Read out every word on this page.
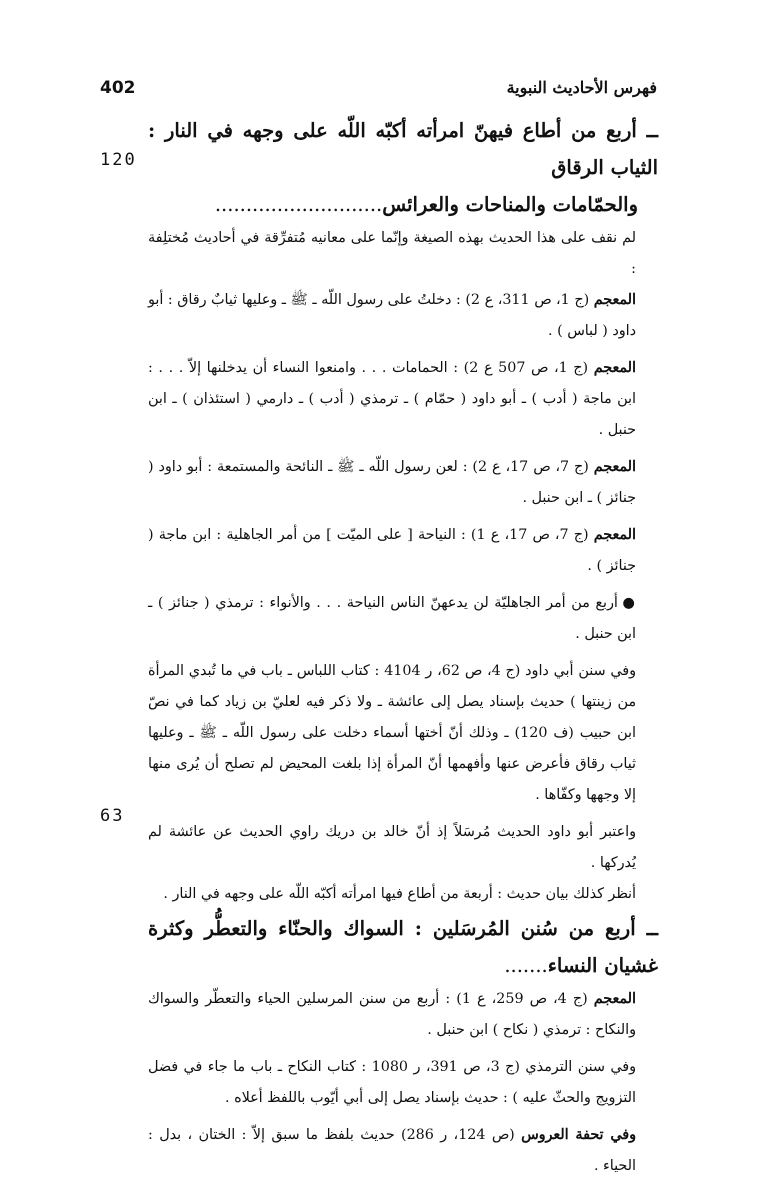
402	فهرس الأحاديث النبوية
120
63

ــ أربع من أطاع فيهنّ امرأته أكبّه اللّه على وجهه في النار : الثياب الرقاق
والحمّامات والمناحات والعرائس...........................

لم نقف على هذا الحديث بهذه الصيغة وإنّما على معانيه مُتفرِّقة في أحاديث مُختلِفة :

المعجم (ج 1، ص 311، ع 2) : دخلتُ على رسول اللّه ـ ﷺ ـ وعليها ثيابٌ رقاق : أبو داود ( لباس ) .

المعجم (ج 1، ص 507 ع 2) : الحمامات . . . وامنعوا النساء أن يدخلنها إلاّ . . . : ابن ماجة ( أدب ) ـ أبو داود ( حمّام ) ـ ترمذي ( أدب ) ـ دارمي ( استئذان ) ـ ابن حنبل .

المعجم (ج 7، ص 17، ع 2) : لعن رسول اللّه ـ ﷺ ـ النائحة والمستمعة : أبو داود ( جنائز ) ـ ابن حنبل .

المعجم (ج 7، ص 17، ع 1) : النياحة [ على الميّت ] من أمر الجاهلية : ابن ماجة ( جنائز ) .

● أربع من أمر الجاهليّة لن يدعهنّ الناس النياحة . . . والأنواء : ترمذي ( جنائز ) ـ ابن حنبل .

وفي سنن أبي داود (ج 4، ص 62، ر 4104 : كتاب اللباس ـ باب في ما تُبدي المرأة من زينتها ) حديث بإسناد يصل إلى عائشة ـ ولا ذكر فيه لعليّ بن زياد كما في نصّ ابن حبيب (ف 120) ـ وذلك أنّ أختها أسماء دخلت على رسول اللّه ـ ﷺ ـ وعليها ثياب رقاق فأعرض عنها وأفهمها أنّ المرأة إذا بلغت المحيض لم تصلح أن يُرى منها إلا وجهها وكفّاها .

واعتبر أبو داود الحديث مُرسَلاً إذ أنّ خالد بن دريك راوي الحديث عن عائشة لم يُدركها .

أنظر كذلك بيان حديث : أربعة من أطاع فيها امرأته أكبّه اللّه على وجهه في النار .

ــ أربع من سُنن المُرسَلين : السواك والحنّاء والتعطُّر وكثرة غشيان النساء.......

المعجم (ج 4، ص 259، ع 1) : أربع من سنن المرسلين الحياء والتعطّر والسواك والنكاح : ترمذي ( نكاح ) ابن حنبل .

وفي سنن الترمذي (ج 3، ص 391، ر 1080 : كتاب النكاح ـ باب ما جاء في فضل التزويج والحثّ عليه ) : حديث بإسناد يصل إلى أبي أيّوب باللفظ أعلاه .

وفي تحفة العروس (ص 124، ر 286) حديث بلفظ ما سبق إلاّ : الختان ، بدل : الحياء .
